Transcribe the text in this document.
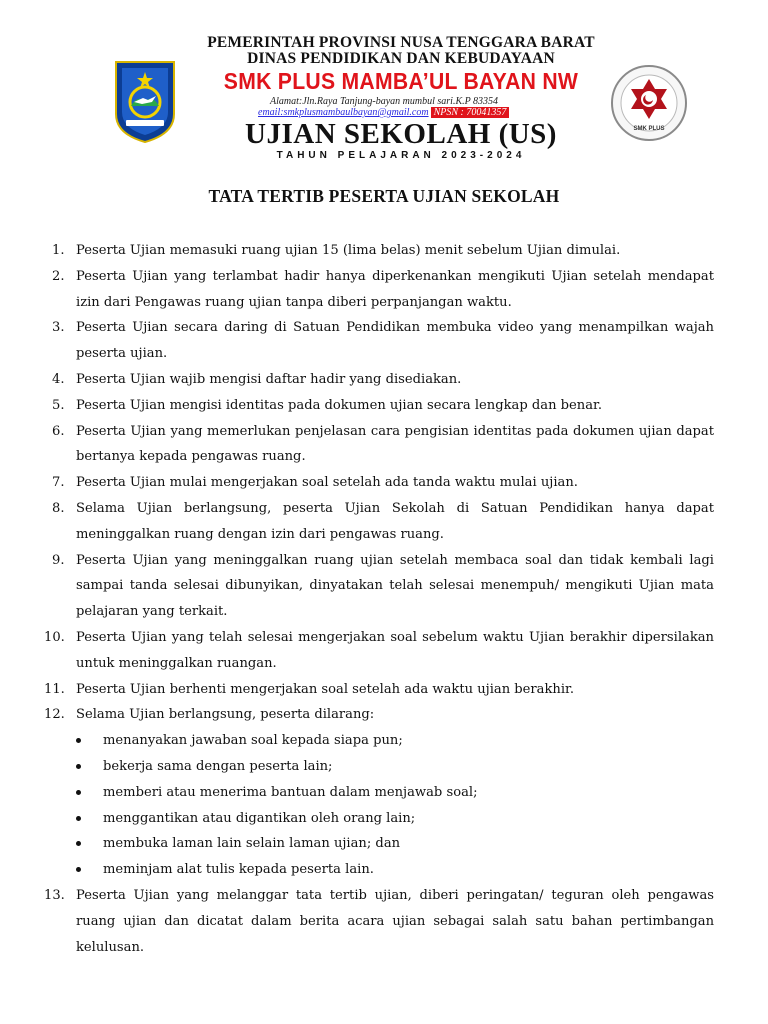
PEMERINTAH PROVINSI NUSA TENGGARA BARAT
DINAS PENDIDIKAN DAN KEBUDAYAAN
SMK PLUS MAMBA’UL BAYAN NW
Alamat:Jln.Raya Tanjung-bayan mumbul sari.K.P 83354
email:smkplusmambaulbayan@gmail.com NPSN : 70041357
UJIAN SEKOLAH (US)
TAHUN PELAJARAN 2023-2024
SMK PLUS
TATA TERTIB PESERTA UJIAN SEKOLAH
1. Peserta Ujian memasuki ruang ujian 15 (lima belas) menit sebelum Ujian dimulai.
2. Peserta Ujian yang terlambat hadir hanya diperkenankan mengikuti Ujian setelah mendapat izin dari Pengawas ruang ujian tanpa diberi perpanjangan waktu.
3. Peserta Ujian secara daring di Satuan Pendidikan membuka video yang menampilkan wajah peserta ujian.
4. Peserta Ujian wajib mengisi daftar hadir yang disediakan.
5. Peserta Ujian mengisi identitas pada dokumen ujian secara lengkap dan benar.
6. Peserta Ujian yang memerlukan penjelasan cara pengisian identitas pada dokumen ujian dapat bertanya kepada pengawas ruang.
7. Peserta Ujian mulai mengerjakan soal setelah ada tanda waktu mulai ujian.
8. Selama Ujian berlangsung, peserta Ujian Sekolah di Satuan Pendidikan hanya dapat meninggalkan ruang dengan izin dari pengawas ruang.
9. Peserta Ujian yang meninggalkan ruang ujian setelah membaca soal dan tidak kembali lagi sampai tanda selesai dibunyikan, dinyatakan telah selesai menempuh/ mengikuti Ujian mata pelajaran yang terkait.
10. Peserta Ujian yang telah selesai mengerjakan soal sebelum waktu Ujian berakhir dipersilakan untuk meninggalkan ruangan.
11. Peserta Ujian berhenti mengerjakan soal setelah ada waktu ujian berakhir.
12. Selama Ujian berlangsung, peserta dilarang:
menanyakan jawaban soal kepada siapa pun;
bekerja sama dengan peserta lain;
memberi atau menerima bantuan dalam menjawab soal;
menggantikan atau digantikan oleh orang lain;
membuka laman lain selain laman ujian; dan
meminjam alat tulis kepada peserta lain.
13. Peserta Ujian yang melanggar tata tertib ujian, diberi peringatan/ teguran oleh pengawas ruang ujian dan dicatat dalam berita acara ujian sebagai salah satu bahan pertimbangan kelulusan.
